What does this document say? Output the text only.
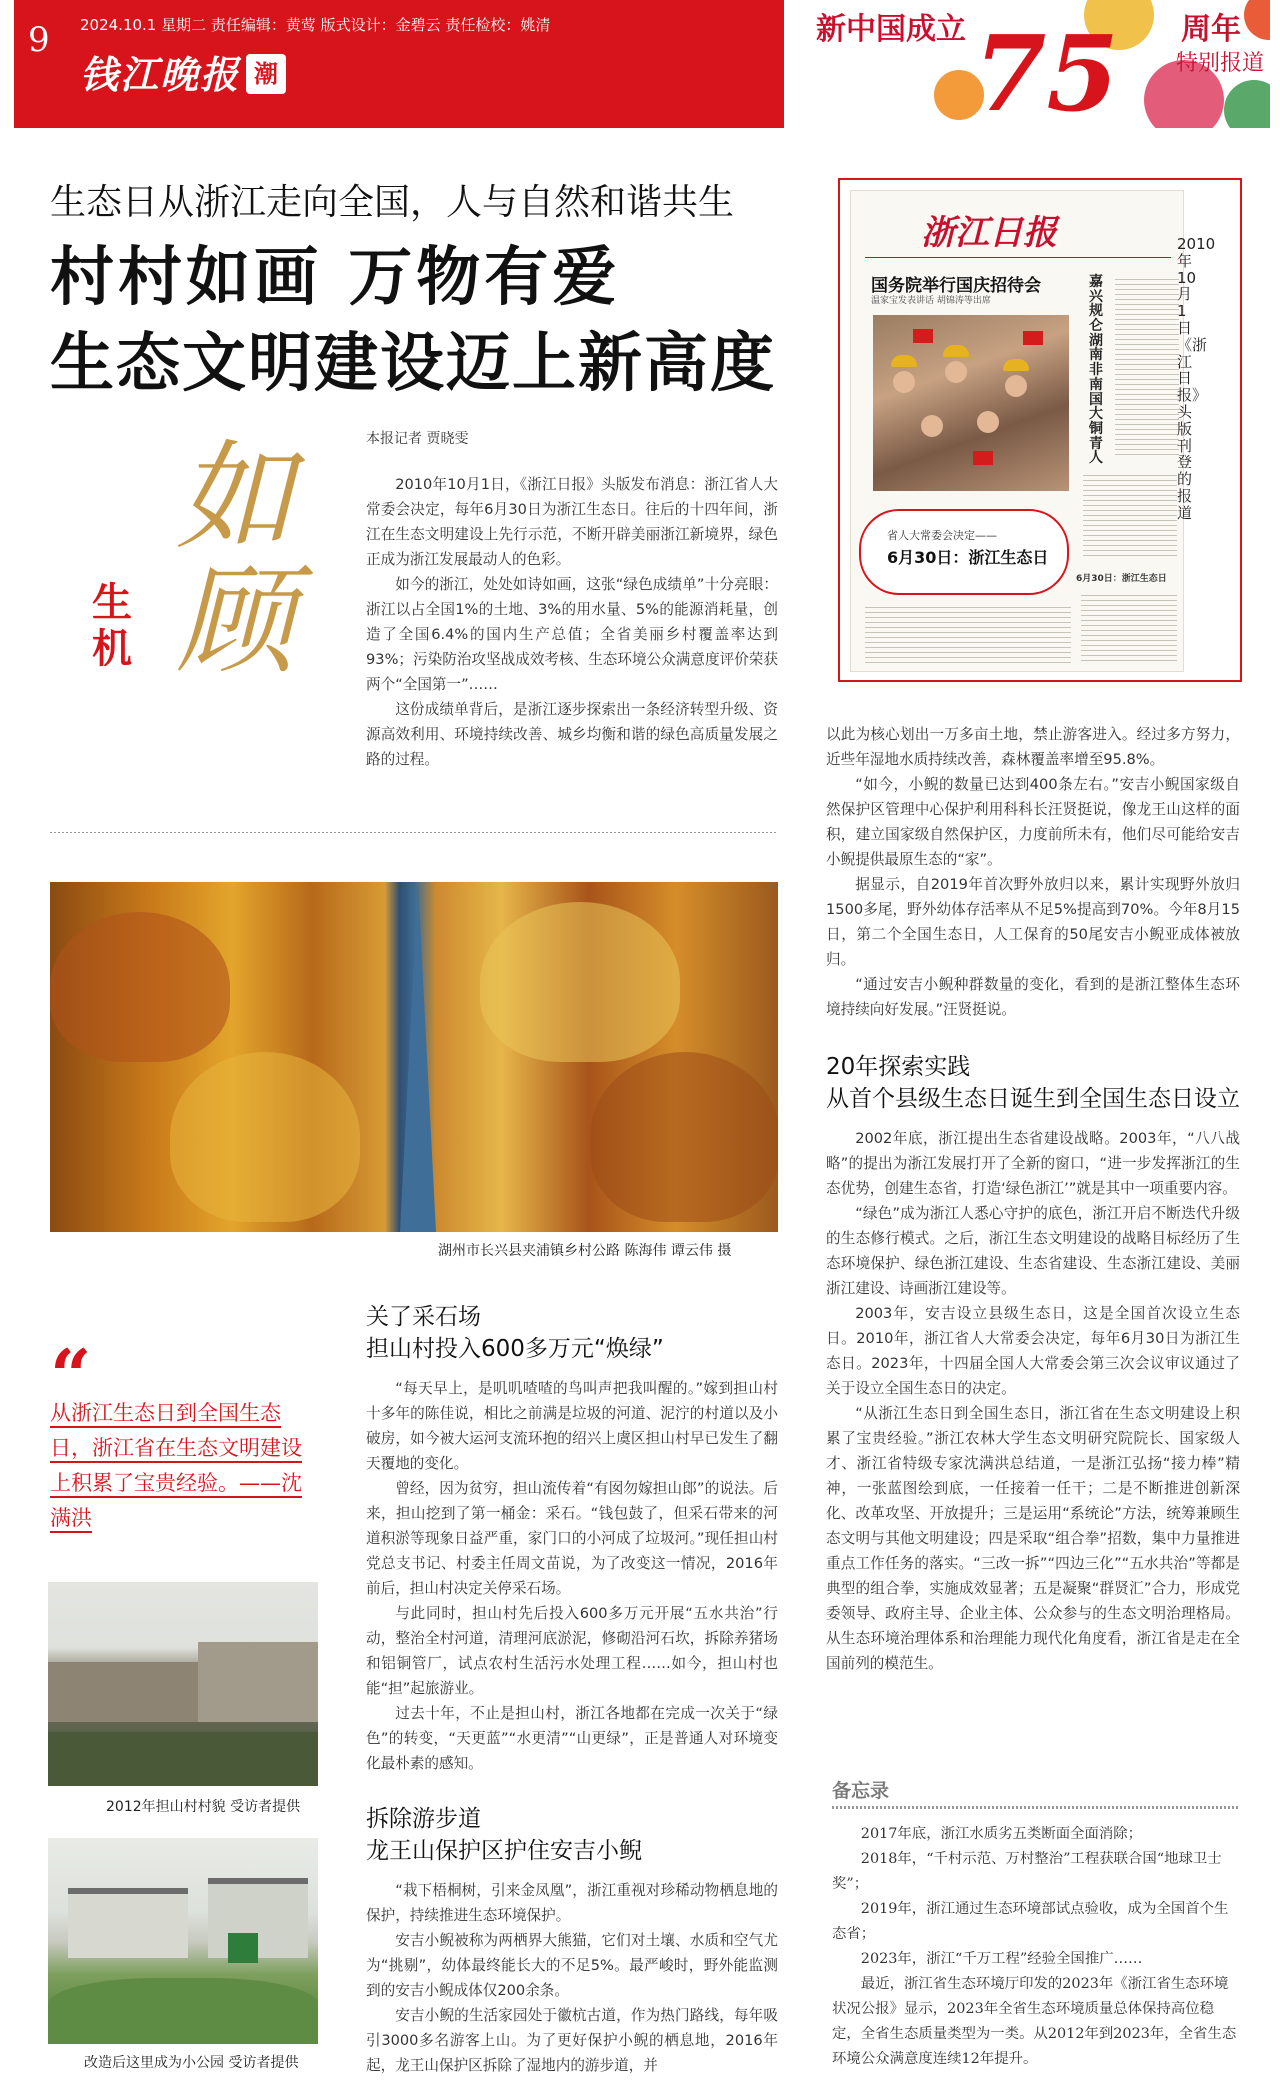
9 2024.10.1 星期二 责任编辑：黄莺 版式设计：金碧云 责任检校：姚清
钱江晚报 潮
新中国成立 75 周年
特别报道
生态日从浙江走向全国，人与自然和谐共生
村村如画 万物有爱
生态文明建设迈上新高度
生机
如顾
浙江日报
国务院举行国庆招待会
温家宝发表讲话 胡锦涛等出席
嘉兴规仑湖南非南国大铜青人
6月30日：浙江生态日
省人大常委会决定——
6月30日：浙江生态日
2010年10月1日《浙江日报》头版刊登的报道
本报记者 贾晓雯

2010年10月1日，《浙江日报》头版发布消息：浙江省人大常委会决定，每年6月30日为浙江生态日。往后的十四年间，浙江在生态文明建设上先行示范，不断开辟美丽浙江新境界，绿色正成为浙江发展最动人的色彩。

如今的浙江，处处如诗如画，这张“绿色成绩单”十分亮眼：浙江以占全国1%的土地、3%的用水量、5%的能源消耗量，创造了全国6.4%的国内生产总值；全省美丽乡村覆盖率达到93%；污染防治攻坚战成效考核、生态环境公众满意度评价荣获两个“全国第一”……

这份成绩单背后，是浙江逐步探索出一条经济转型升级、资源高效利用、环境持续改善、城乡均衡和谐的绿色高质量发展之路的过程。

湖州市长兴县夹浦镇乡村公路 陈海伟 谭云伟 摄
“
从浙江生态日到全国生态日，浙江省在生态文明建设上积累了宝贵经验。——沈满洪
2012年担山村村貌 受访者提供
改造后这里成为小公园 受访者提供
关了采石场
担山村投入600多万元“焕绿”

“每天早上，是叽叽喳喳的鸟叫声把我叫醒的。”嫁到担山村十多年的陈佳说，相比之前满是垃圾的河道、泥泞的村道以及小破房，如今被大运河支流环抱的绍兴上虞区担山村早已发生了翻天覆地的变化。

曾经，因为贫穷，担山流传着“有囡勿嫁担山郎”的说法。后来，担山挖到了第一桶金：采石。“钱包鼓了，但采石带来的河道积淤等现象日益严重，家门口的小河成了垃圾河。”现任担山村党总支书记、村委主任周文苗说，为了改变这一情况，2016年前后，担山村决定关停采石场。

与此同时，担山村先后投入600多万元开展“五水共治”行动，整治全村河道，清理河底淤泥，修砌沿河石坎，拆除养猪场和铝铜管厂，试点农村生活污水处理工程……如今，担山村也能“担”起旅游业。

过去十年，不止是担山村，浙江各地都在完成一次关于“绿色”的转变，“天更蓝”“水更清”“山更绿”，正是普通人对环境变化最朴素的感知。

拆除游步道
龙王山保护区护住安吉小鲵

“栽下梧桐树，引来金凤凰”，浙江重视对珍稀动物栖息地的保护，持续推进生态环境保护。

安吉小鲵被称为两栖界大熊猫，它们对土壤、水质和空气尤为“挑剔”，幼体最终能长大的不足5%。最严峻时，野外能监测到的安吉小鲵成体仅200余条。

安吉小鲵的生活家园处于徽杭古道，作为热门路线，每年吸引3000多名游客上山。为了更好保护小鲵的栖息地，2016年起，龙王山保护区拆除了湿地内的游步道，并

以此为核心划出一万多亩土地，禁止游客进入。经过多方努力，近些年湿地水质持续改善，森林覆盖率增至95.8%。

“如今，小鲵的数量已达到400条左右。”安吉小鲵国家级自然保护区管理中心保护利用科科长汪贤挺说，像龙王山这样的面积，建立国家级自然保护区，力度前所未有，他们尽可能给安吉小鲵提供最原生态的“家”。

据显示，自2019年首次野外放归以来，累计实现野外放归1500多尾，野外幼体存活率从不足5%提高到70%。今年8月15日，第二个全国生态日，人工保育的50尾安吉小鲵亚成体被放归。

“通过安吉小鲵种群数量的变化，看到的是浙江整体生态环境持续向好发展。”汪贤挺说。

20年探索实践
从首个县级生态日诞生到全国生态日设立

2002年底，浙江提出生态省建设战略。2003年，“八八战略”的提出为浙江发展打开了全新的窗口，“进一步发挥浙江的生态优势，创建生态省，打造‘绿色浙江’”就是其中一项重要内容。

“绿色”成为浙江人悉心守护的底色，浙江开启不断迭代升级的生态修行模式。之后，浙江生态文明建设的战略目标经历了生态环境保护、绿色浙江建设、生态省建设、生态浙江建设、美丽浙江建设、诗画浙江建设等。

2003年，安吉设立县级生态日，这是全国首次设立生态日。2010年，浙江省人大常委会决定，每年6月30日为浙江生态日。2023年，十四届全国人大常委会第三次会议审议通过了关于设立全国生态日的决定。

“从浙江生态日到全国生态日，浙江省在生态文明建设上积累了宝贵经验。”浙江农林大学生态文明研究院院长、国家级人才、浙江省特级专家沈满洪总结道，一是浙江弘扬“接力棒”精神，一张蓝图绘到底，一任接着一任干；二是不断推进创新深化、改革攻坚、开放提升；三是运用“系统论”方法，统筹兼顾生态文明与其他文明建设；四是采取“组合拳”招数，集中力量推进重点工作任务的落实。“三改一拆”“四边三化”“五水共治”等都是典型的组合拳，实施成效显著；五是凝聚“群贤汇”合力，形成党委领导、政府主导、企业主体、公众参与的生态文明治理格局。从生态环境治理体系和治理能力现代化角度看，浙江省是走在全国前列的模范生。

备忘录

2017年底，浙江水质劣五类断面全面消除；

2018年，“千村示范、万村整治”工程获联合国“地球卫士奖”；

2019年，浙江通过生态环境部试点验收，成为全国首个生态省；

2023年，浙江“千万工程”经验全国推广……

最近，浙江省生态环境厅印发的2023年《浙江省生态环境状况公报》显示，2023年全省生态环境质量总体保持高位稳定，全省生态质量类型为一类。从2012年到2023年，全省生态环境公众满意度连续12年提升。
